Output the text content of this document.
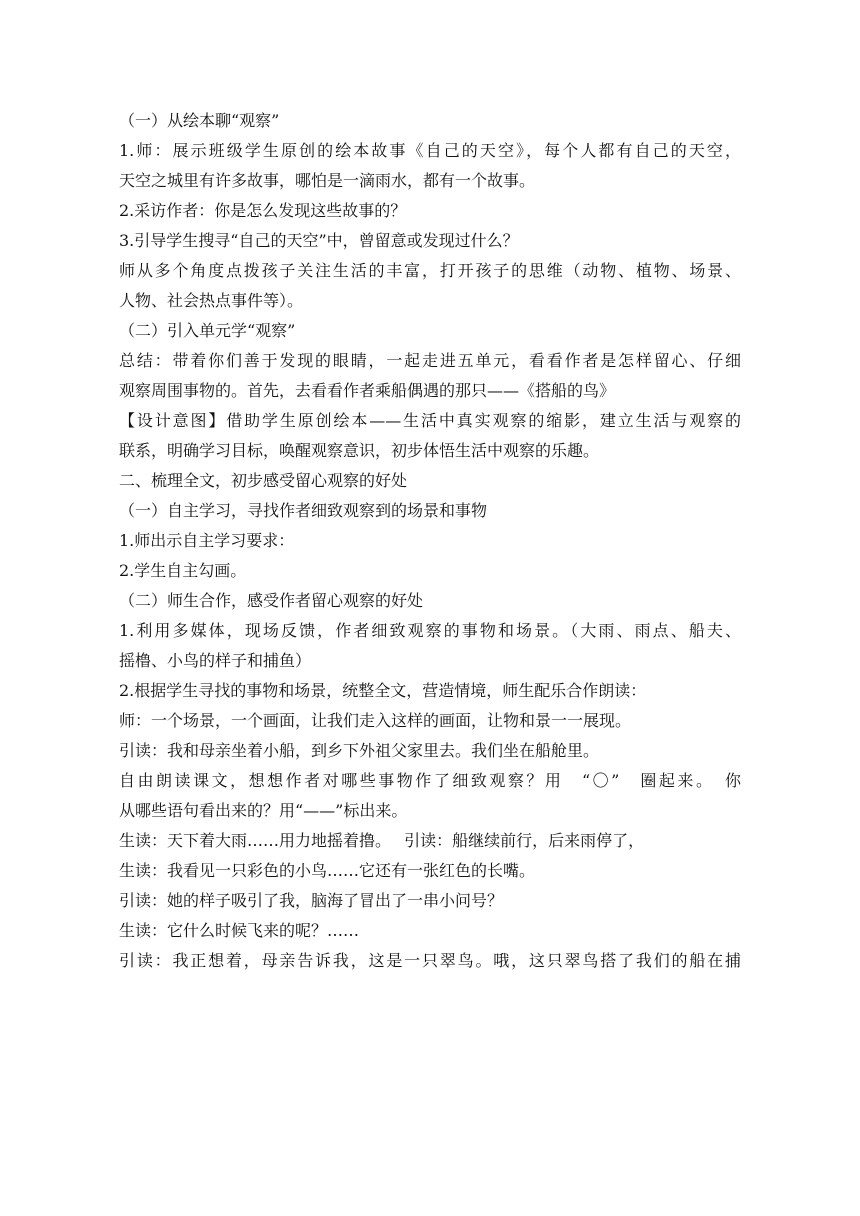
（一）从绘本聊“观察”
1.师：展示班级学生原创的绘本故事《自己的天空》，每个人都有自己的天空，
天空之城里有许多故事，哪怕是一滴雨水，都有一个故事。
2.采访作者：你是怎么发现这些故事的？
3.引导学生搜寻“自己的天空”中，曾留意或发现过什么？
师从多个角度点拨孩子关注生活的丰富，打开孩子的思维（动物、植物、场景、
人物、社会热点事件等）。
（二）引入单元学“观察”
总结：带着你们善于发现的眼睛，一起走进五单元，看看作者是怎样留心、仔细
观察周围事物的。首先，去看看作者乘船偶遇的那只——《搭船的鸟》
【设计意图】借助学生原创绘本——生活中真实观察的缩影，建立生活与观察的
联系，明确学习目标，唤醒观察意识，初步体悟生活中观察的乐趣。
二、梳理全文，初步感受留心观察的好处
（一）自主学习，寻找作者细致观察到的场景和事物
1.师出示自主学习要求：
2.学生自主勾画。
（二）师生合作，感受作者留心观察的好处
1.利用多媒体，现场反馈，作者细致观察的事物和场景。（大雨、雨点、船夫、
摇橹、小鸟的样子和捕鱼）
2.根据学生寻找的事物和场景，统整全文，营造情境，师生配乐合作朗读：
师：一个场景，一个画面，让我们走入这样的画面，让物和景一一展现。
引读：我和母亲坐着小船，到乡下外祖父家里去。我们坐在船舱里。
自由朗读课文，想想作者对哪些事物作了细致观察？用　“〇”　圈起来。　你
从哪些语句看出来的？用“——”标出来。
生读：天下着大雨……用力地摇着撸。　 引读：船继续前行，后来雨停了，
生读：我看见一只彩色的小鸟……它还有一张红色的长嘴。
引读：她的样子吸引了我，脑海了冒出了一串小问号？
生读：它什么时候飞来的呢？……
引读：我正想着，母亲告诉我，这是一只翠鸟。哦，这只翠鸟搭了我们的船在捕
